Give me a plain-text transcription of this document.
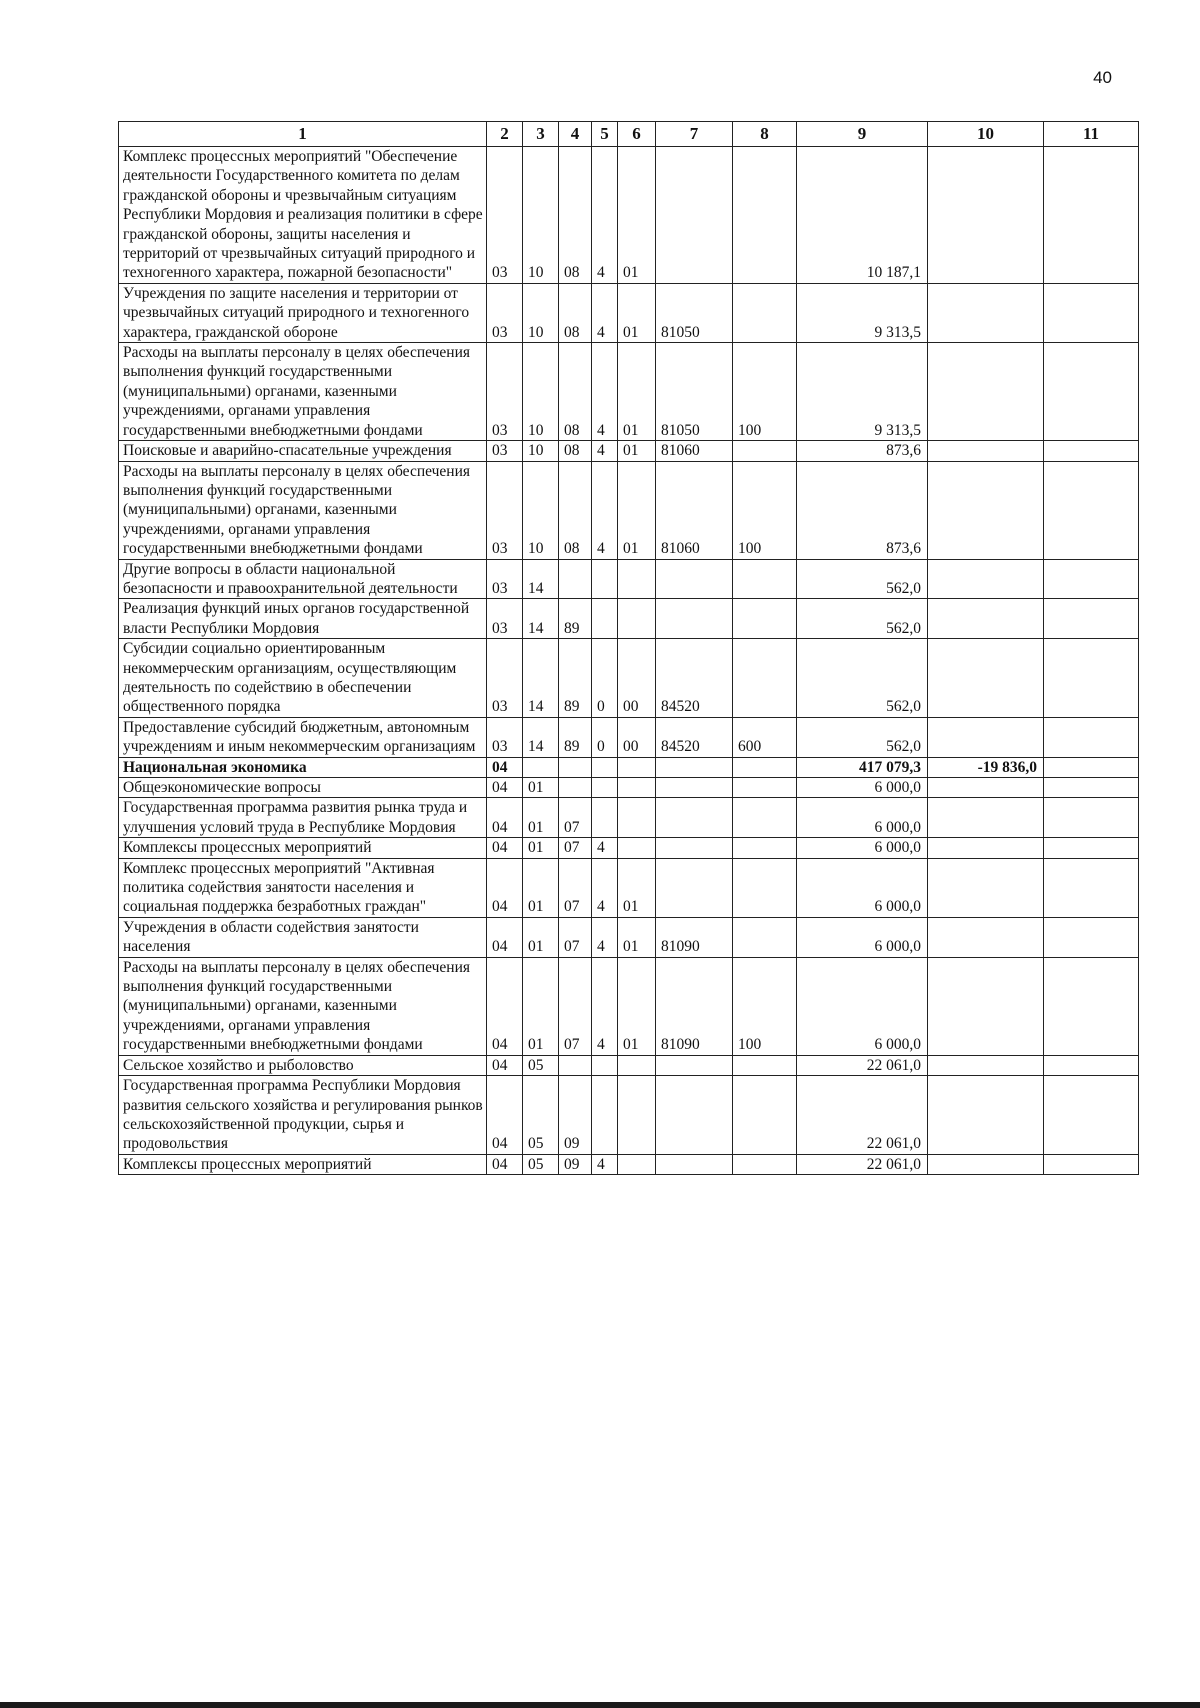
40
1	2	3	4	5	6	7	8	9	10	11
Комплекс процессных мероприятий "Обеспечение деятельности Государственного комитета по делам гражданской обороны и чрезвычайным ситуациям Республики Мордовия и реализация политики в сфере гражданской обороны, защиты населения и территорий от чрезвычайных ситуаций природного и техногенного характера, пожарной безопасности"	03	10	08	4	01			10 187,1		
Учреждения по защите населения и территории от чрезвычайных ситуаций природного и техногенного характера, гражданской обороне	03	10	08	4	01	81050		9 313,5		
Расходы на выплаты персоналу в целях обеспечения выполнения функций государственными (муниципальными) органами, казенными учреждениями, органами управления государственными внебюджетными фондами	03	10	08	4	01	81050	100	9 313,5		
Поисковые и аварийно-спасательные учреждения	03	10	08	4	01	81060		873,6		
Расходы на выплаты персоналу в целях обеспечения выполнения функций государственными (муниципальными) органами, казенными учреждениями, органами управления государственными внебюджетными фондами	03	10	08	4	01	81060	100	873,6		
Другие вопросы в области национальной безопасности и правоохранительной деятельности	03	14						562,0		
Реализация функций иных органов государственной власти Республики Мордовия	03	14	89					562,0		
Субсидии социально ориентированным некоммерческим организациям, осуществляющим деятельность по содействию в обеспечении общественного порядка	03	14	89	0	00	84520		562,0		
Предоставление субсидий бюджетным, автономным учреждениям и иным некоммерческим организациям	03	14	89	0	00	84520	600	562,0		
Национальная экономика	04							417 079,3	-19 836,0	
Общеэкономические вопросы	04	01						6 000,0		
Государственная программа развития рынка труда и улучшения условий труда в Республике Мордовия	04	01	07					6 000,0		
Комплексы процессных мероприятий	04	01	07	4				6 000,0		
Комплекс процессных мероприятий "Активная политика содействия занятости населения и социальная поддержка безработных граждан"	04	01	07	4	01			6 000,0		
Учреждения в области содействия занятости населения	04	01	07	4	01	81090		6 000,0		
Расходы на выплаты персоналу в целях обеспечения выполнения функций государственными (муниципальными) органами, казенными учреждениями, органами управления государственными внебюджетными фондами	04	01	07	4	01	81090	100	6 000,0		
Сельское хозяйство и рыболовство	04	05						22 061,0		
Государственная программа Республики Мордовия развития сельского хозяйства и регулирования рынков сельскохозяйственной продукции, сырья и продовольствия	04	05	09					22 061,0		
Комплексы процессных мероприятий	04	05	09	4				22 061,0		
